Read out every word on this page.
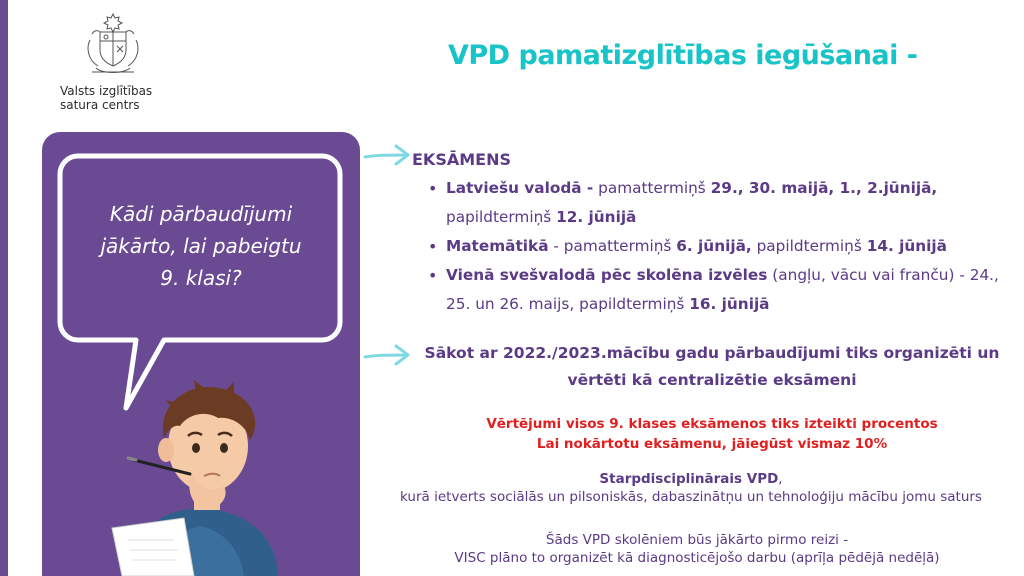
Valsts izglītības
satura centrs
VPD pamatizglītības iegūšanai -
Kādi pārbaudījumi
jākārto, lai pabeigtu
9. klasi?
EKSĀMENS
• Latviešu valodā - pamattermiņš 29., 30. maijā, 1., 2.jūnijā,
papildtermiņš 12. jūnijā
• Matemātikā - pamattermiņš 6. jūnijā, papildtermiņš 14. jūnijā
• Vienā svešvalodā pēc skolēna izvēles (angļu, vācu vai franču) - 24., 25. un 26. maijs, papildtermiņš 16. jūnijā
Sākot ar 2022./2023.mācību gadu pārbaudījumi tiks organizēti un
vērtēti kā centralizētie eksāmeni
Vērtējumi visos 9. klases eksāmenos tiks izteikti procentos
Lai nokārtotu eksāmenu, jāiegūst vismaz 10%
Starpdisciplinārais VPD,
kurā ietverts sociālās un pilsoniskās, dabaszinātņu un tehnoloģiju mācību jomu saturs
Šāds VPD skolēniem būs jākārto pirmo reizi -
VISC plāno to organizēt kā diagnosticējošo darbu (aprīļa pēdējā nedēļā)
